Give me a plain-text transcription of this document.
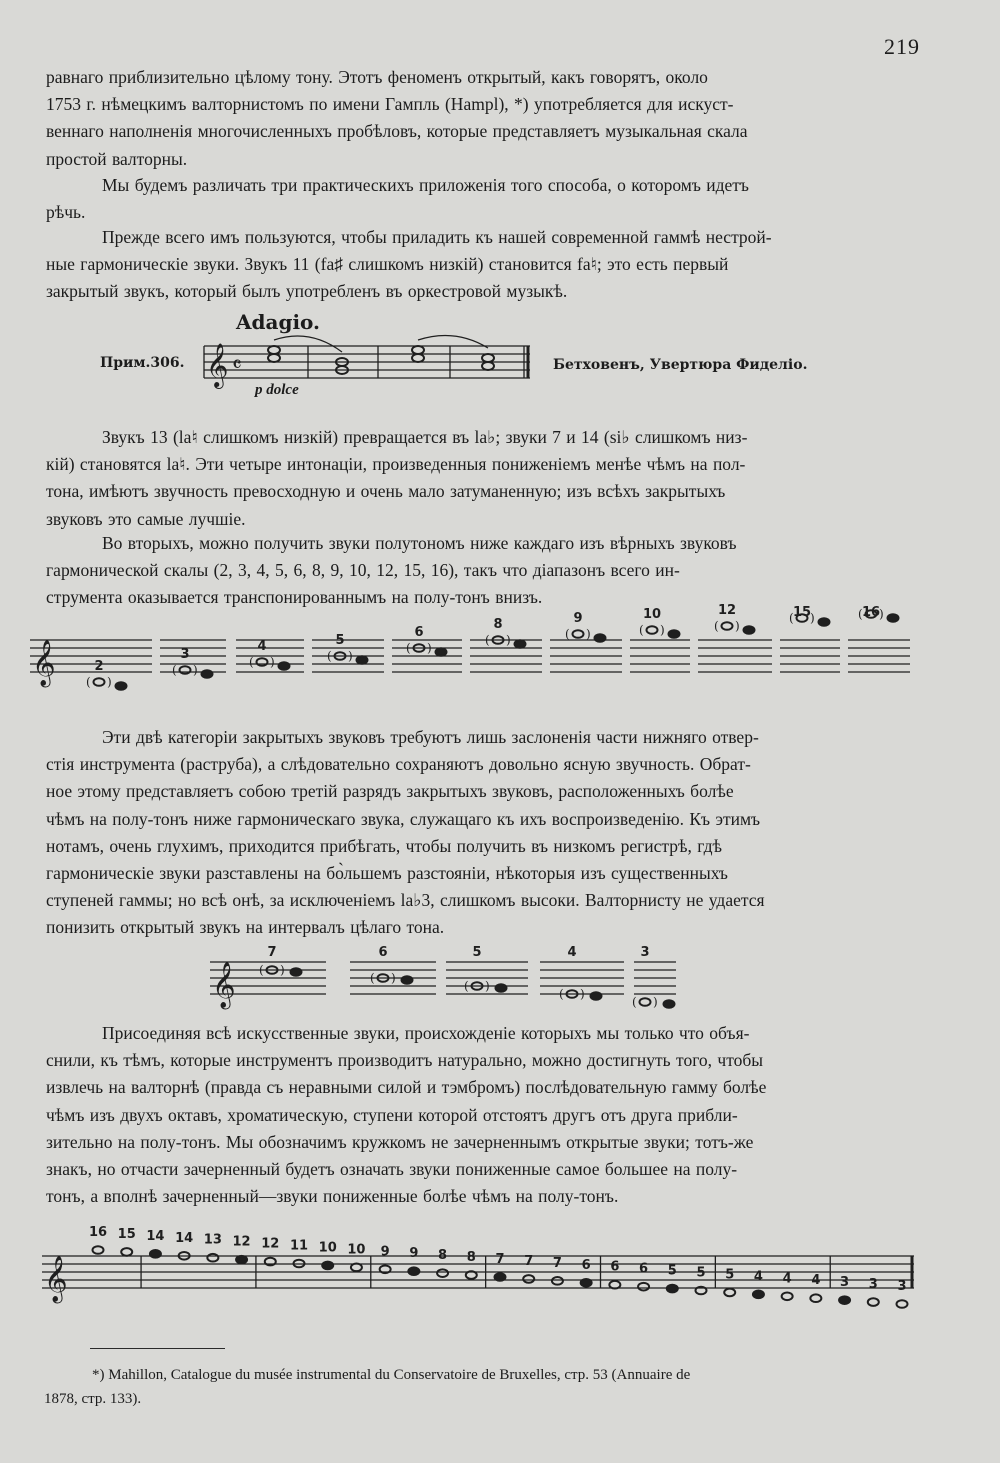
219
равнаго приблизительно цѣлому тону. Этотъ феноменъ открытый, какъ говорятъ, около
1753 г. нѣмецкимъ валторнистомъ по имени Гампль (Hampl), *) употребляется для искуст-
веннаго наполненія многочисленныхъ пробѣловъ, которые представляетъ музыкальная скала
простой валторны.
Мы будемъ различать три практическихъ приложенія того способа, о которомъ идетъ
рѣчь.
Прежде всего имъ пользуются, чтобы приладить къ нашей современной гаммѣ нестрой-
ные гармоническіе звуки. Звукъ 11 (fa♯ слишкомъ низкій) становится fa♮; это есть первый
закрытый звукъ, который былъ употребленъ въ оркестровой музыкѣ.
Звукъ 13 (la♮ слишкомъ низкій) превращается въ la♭; звуки 7 и 14 (si♭ слишкомъ низ-
кій) становятся la♮. Эти четыре интонаціи, произведенныя пониженіемъ менѣе чѣмъ на пол-
тона, имѣютъ звучность превосходную и очень мало затуманенную; изъ всѣхъ закрытыхъ
звуковъ это самые лучшіе.
Во вторыхъ, можно получить звуки полутономъ ниже каждаго изъ вѣрныхъ звуковъ
гармонической скалы (2, 3, 4, 5, 6, 8, 9, 10, 12, 15, 16), такъ что діапазонъ всего ин-
струмента оказывается транспонированнымъ на полу-тонъ внизъ.
Эти двѣ категоріи закрытыхъ звуковъ требуютъ лишь заслоненія части нижняго отвер-
стія инструмента (раструба), а слѣдовательно сохраняютъ довольно ясную звучность. Обрат-
ное этому представляетъ собою третій разрядъ закрытыхъ звуковъ, расположенныхъ болѣе
чѣмъ на полу-тонъ ниже гармоническаго звука, служащаго къ ихъ воспроизведенію. Къ этимъ
нотамъ, очень глухимъ, приходится прибѣгать, чтобы получить въ низкомъ регистрѣ, гдѣ
гармоническіе звуки разставлены на бо̀льшемъ разстояніи, нѣкоторыя изъ существенныхъ
ступеней гаммы; но всѣ онѣ, за исключеніемъ la♭3, слишкомъ высоки. Валторнисту не удается
понизить открытый звукъ на интервалъ цѣлаго тона.
Присоединяя всѣ искусственные звуки, происхожденіе которыхъ мы только что объя-
снили, къ тѣмъ, которые инструментъ производитъ натурально, можно достигнуть того, чтобы
извлечь на валторнѣ (правда съ неравными силой и тэмбромъ) послѣдовательную гамму болѣе
чѣмъ изъ двухъ октавъ, хроматическую, ступени которой отстоятъ другъ отъ друга прибли-
зительно на полу-тонъ. Мы обозначимъ кружкомъ не зачерненнымъ открытые звуки; тотъ-же
знакъ, но отчасти зачерненный будетъ означать звуки пониженные самое большее на полу-
тонъ, а вполнѣ зачерненный—звуки пониженные болѣе чѣмъ на полу-тонъ.
Прим.306.
Adagio.
p dolce
Бетховенъ, Увертюра Фиделіо.
𝄞 𝄴
𝄞	2
( )
3
( )
4
( )
5
( )
6
( )
8
( )
9
( )
10
( )
12
( )
15
( )	16
( )
𝄞
7
( )
6
( )
5
( )
4
( )
3
( )
𝄞
16 15 14 14 13 12 12 11 10 10 9 9 8 8 7 7 7 6 6 6 5 5 5 4 4 4 3 3 3
*) Mahillon, Catalogue du musée instrumental du Conservatoire de Bruxelles, стр. 53 (Annuaire de
1878, стр. 133).
